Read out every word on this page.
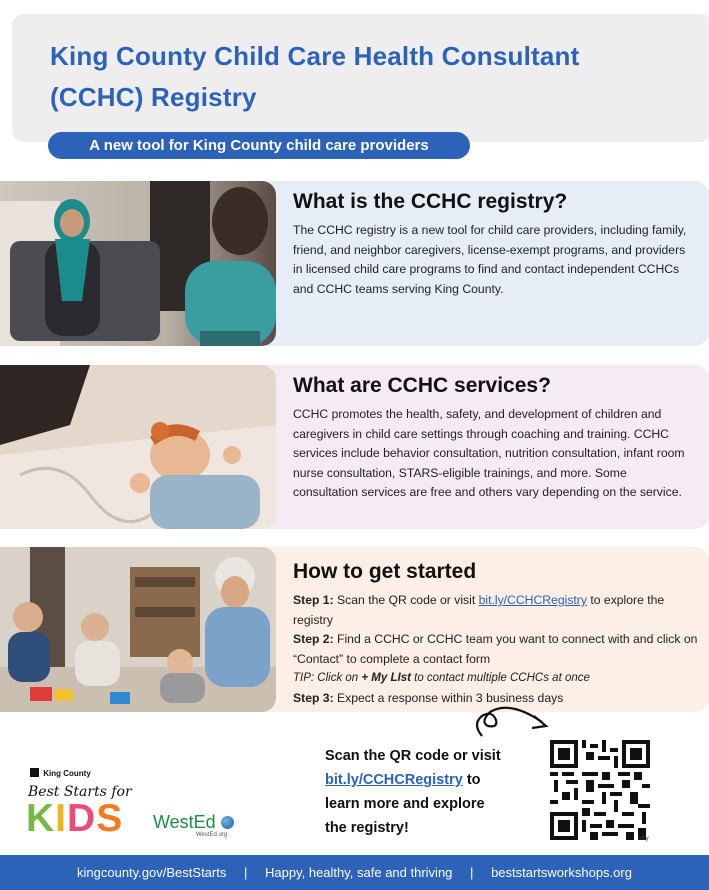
King County Child Care Health Consultant (CCHC) Registry
A new tool for King County child care providers
What is the CCHC registry?

The CCHC registry is a new tool for child care providers, including family, friend, and neighbor caregivers, license-exempt programs, and providers in licensed child care programs to find and contact independent CCHCs and CCHC teams serving King County.

What are CCHC services?

CCHC promotes the health, safety, and development of children and caregivers in child care settings through coaching and training. CCHC services include behavior consultation, nutrition consultation, infant room nurse consultation, STARS-eligible trainings, and more. Some consultation services are free and others vary depending on the service.

How to get started
Step 1: Scan the QR code or visit bit.ly/CCHCRegistry to explore the registry
Step 2: Find a CCHC or CCHC team you want to connect with and click on “Contact” to complete a contact form
TIP: Click on + My LIst to contact multiple CCHCs at once
Step 3: Expect a response within 3 business days
Scan the QR code or visit
bit.ly/CCHCRegistry to
learn more and explore
the registry!
bitly
King County
Best Starts for
KIDS WestEd
WestEd.org
kingcounty.gov/BestStarts | Happy, healthy, safe and thriving | beststartsworkshops.org
